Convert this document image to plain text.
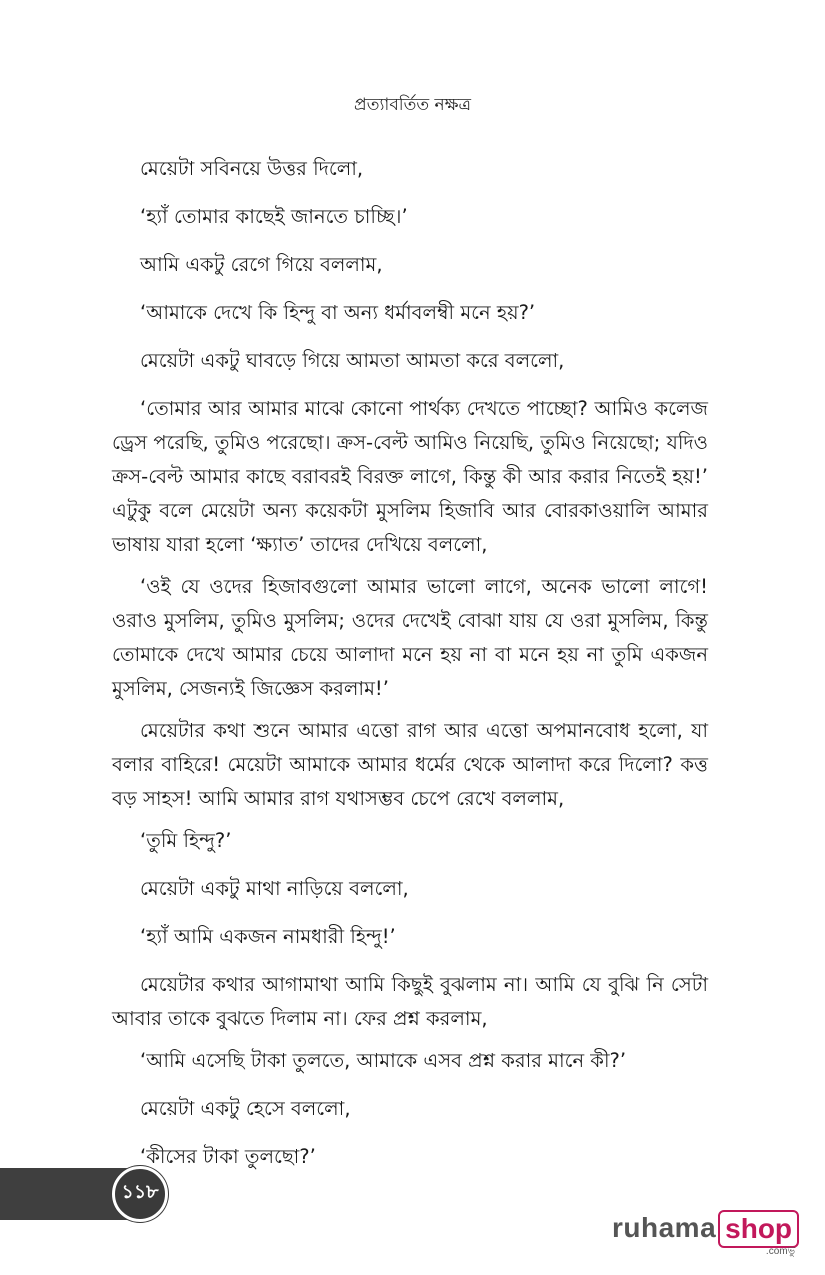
প্রত্যাবর্তিত নক্ষত্র

মেয়েটা সবিনয়ে উত্তর দিলো,

‘হ্যাঁ তোমার কাছেই জানতে চাচ্ছি।’

আমি একটু রেগে গিয়ে বললাম,

‘আমাকে দেখে কি হিন্দু বা অন্য ধর্মাবলম্বী মনে হয়?’

মেয়েটা একটু ঘাবড়ে গিয়ে আমতা আমতা করে বললো,

‘তোমার আর আমার মাঝে কোনো পার্থক্য দেখতে পাচ্ছো? আমিও কলেজ ড্রেস পরেছি, তুমিও পরেছো। ক্রস-বেল্ট আমিও নিয়েছি, তুমিও নিয়েছো; যদিও ক্রস-বেল্ট আমার কাছে বরাবরই বিরক্ত লাগে, কিন্তু কী আর করার নিতেই হয়!’ এটুকু বলে মেয়েটা অন্য কয়েকটা মুসলিম হিজাবি আর বোরকাওয়ালি আমার ভাষায় যারা হলো ‘ক্ষ্যাত’ তাদের দেখিয়ে বললো,

‘ওই যে ওদের হিজাবগুলো আমার ভালো লাগে, অনেক ভালো লাগে! ওরাও মুসলিম, তুমিও মুসলিম; ওদের দেখেই বোঝা যায় যে ওরা মুসলিম, কিন্তু তোমাকে দেখে আমার চেয়ে আলাদা মনে হয় না বা মনে হয় না তুমি একজন মুসলিম, সেজন্যই জিজ্ঞেস করলাম!’

মেয়েটার কথা শুনে আমার এত্তো রাগ আর এত্তো অপমানবোধ হলো, যা বলার বাহিরে! মেয়েটা আমাকে আমার ধর্মের থেকে আলাদা করে দিলো? কত্ত বড় সাহস! আমি আমার রাগ যথাসম্ভব চেপে রেখে বললাম,

‘তুমি হিন্দু?’

মেয়েটা একটু মাথা নাড়িয়ে বললো,

‘হ্যাঁ আমি একজন নামধারী হিন্দু!’

মেয়েটার কথার আগামাথা আমি কিছুই বুঝলাম না। আমি যে বুঝি নি সেটা আবার তাকে বুঝতে দিলাম না। ফের প্রশ্ন করলাম,

‘আমি এসেছি টাকা তুলতে, আমাকে এসব প্রশ্ন করার মানে কী?’

মেয়েটা একটু হেসে বললো,

‘কীসের টাকা তুলছো?’

১১৮
ruhama shop
.comভু
